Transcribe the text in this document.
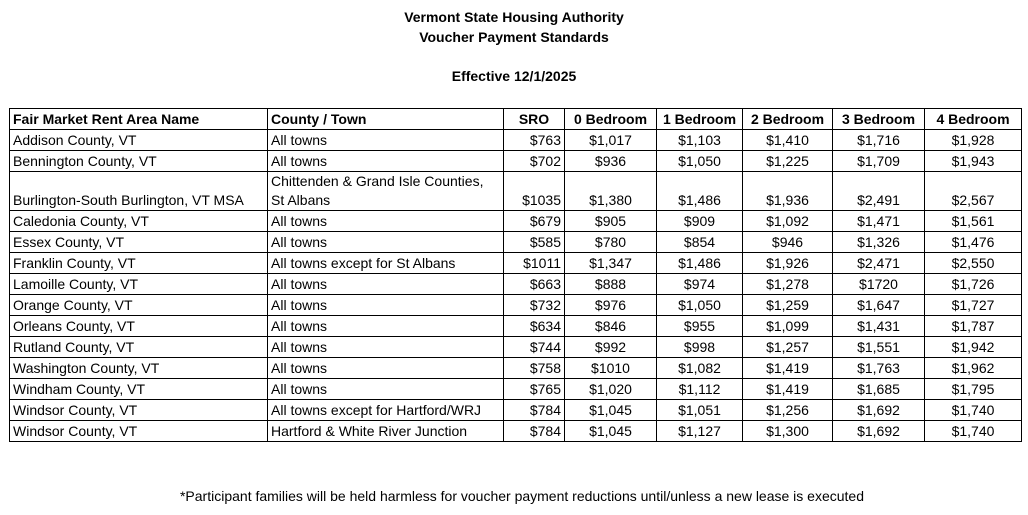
Vermont State Housing Authority
Voucher Payment Standards
Effective 12/1/2025
Fair Market Rent Area Name	County / Town	SRO	0 Bedroom	1 Bedroom	2 Bedroom	3 Bedroom	4 Bedroom
Addison County, VT	All towns	$763	$1,017	$1,103	$1,410	$1,716	$1,928
Bennington County, VT	All towns	$702	$936	$1,050	$1,225	$1,709	$1,943
Burlington-South Burlington, VT MSA	Chittenden & Grand Isle Counties, St Albans	$1035	$1,380	$1,486	$1,936	$2,491	$2,567
Caledonia County, VT	All towns	$679	$905	$909	$1,092	$1,471	$1,561
Essex County, VT	All towns	$585	$780	$854	$946	$1,326	$1,476
Franklin County, VT	All towns except for St Albans	$1011	$1,347	$1,486	$1,926	$2,471	$2,550
Lamoille County, VT	All towns	$663	$888	$974	$1,278	$1720	$1,726
Orange County, VT	All towns	$732	$976	$1,050	$1,259	$1,647	$1,727
Orleans County, VT	All towns	$634	$846	$955	$1,099	$1,431	$1,787
Rutland County, VT	All towns	$744	$992	$998	$1,257	$1,551	$1,942
Washington County, VT	All towns	$758	$1010	$1,082	$1,419	$1,763	$1,962
Windham County, VT	All towns	$765	$1,020	$1,112	$1,419	$1,685	$1,795
Windsor County, VT	All towns except for Hartford/WRJ	$784	$1,045	$1,051	$1,256	$1,692	$1,740
Windsor County, VT	Hartford & White River Junction	$784	$1,045	$1,127	$1,300	$1,692	$1,740
*Participant families will be held harmless for voucher payment reductions until/unless a new lease is executed
